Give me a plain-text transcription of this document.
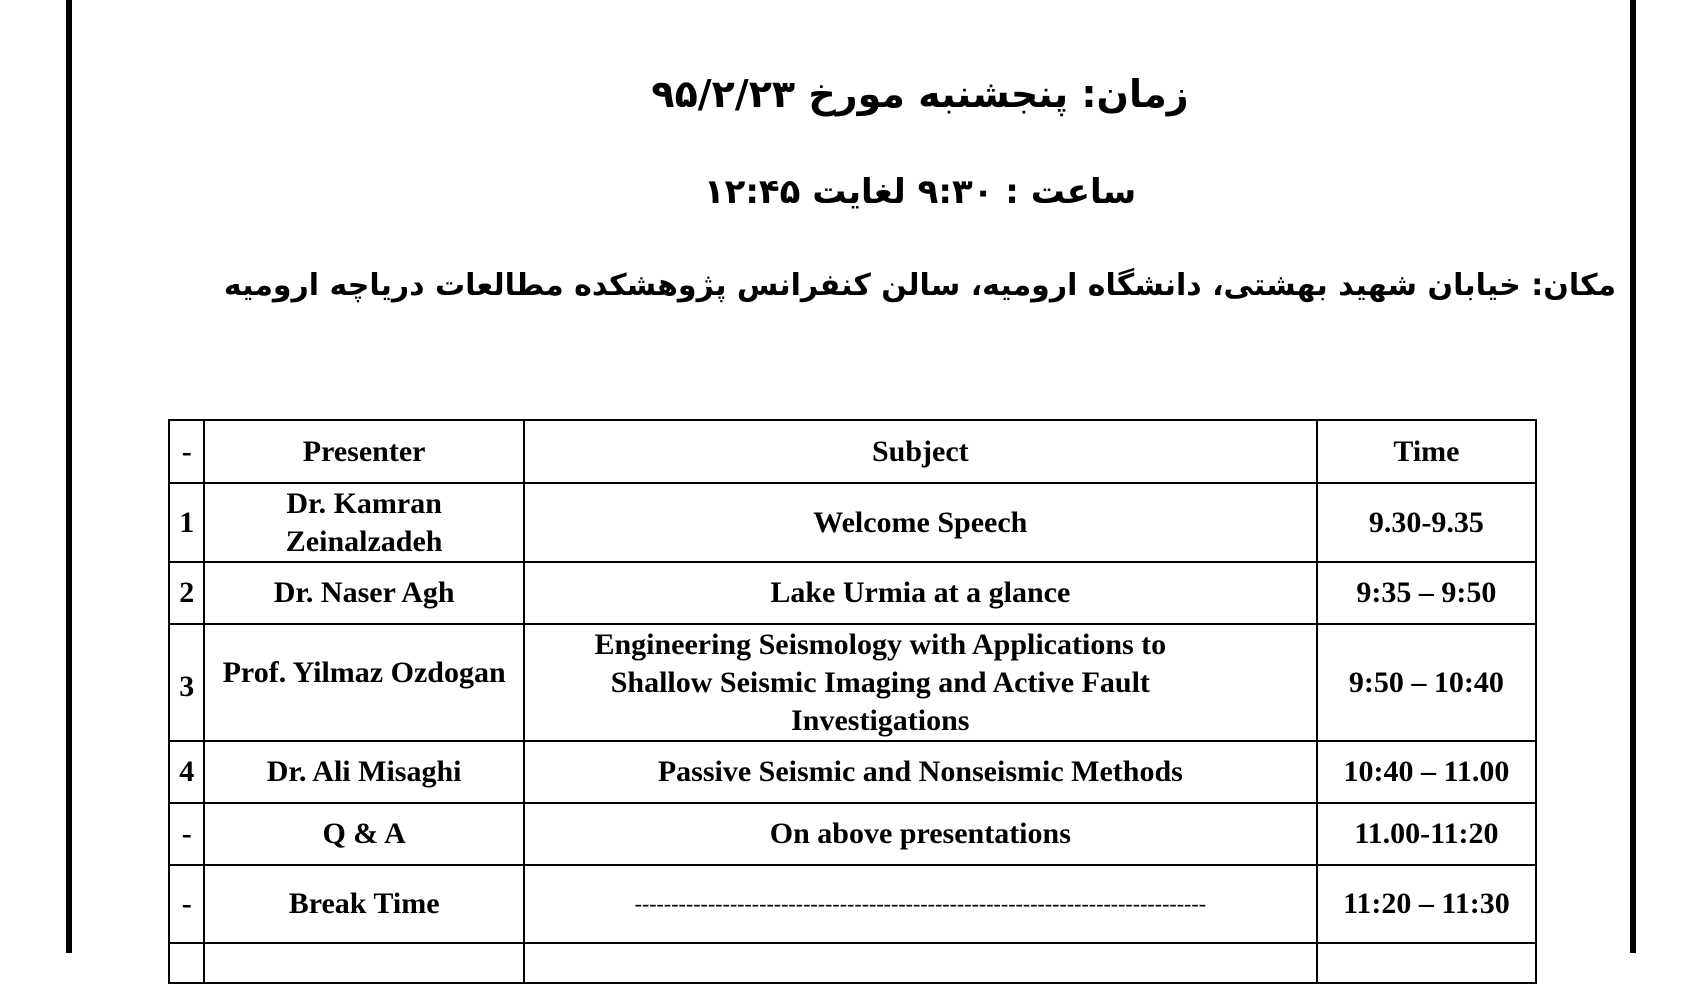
زمان: پنجشنبه مورخ ۹۵/۲/۲۳
ساعت : ۹:۳۰ لغایت ۱۲:۴۵
مکان: خیابان شهید بهشتی، دانشگاه ارومیه، سالن کنفرانس پژوهشکده مطالعات دریاچه ارومیه
-	Presenter	Subject	Time
1	Dr. Kamran Zeinalzadeh	Welcome Speech	9.30-9.35
2	Dr. Naser Agh	Lake Urmia at a glance	9:35 – 9:50
3	Prof. Yilmaz Ozdogan	Engineering Seismology with Applications to Shallow Seismic Imaging and Active Fault Investigations	9:50 – 10:40
4	Dr. Ali Misaghi	Passive Seismic and Nonseismic Methods	10:40 – 11.00
-	Q & A	On above presentations	11.00-11:20
-	Break Time	------------------------------------------------------------------------------	11:20 – 11:30
